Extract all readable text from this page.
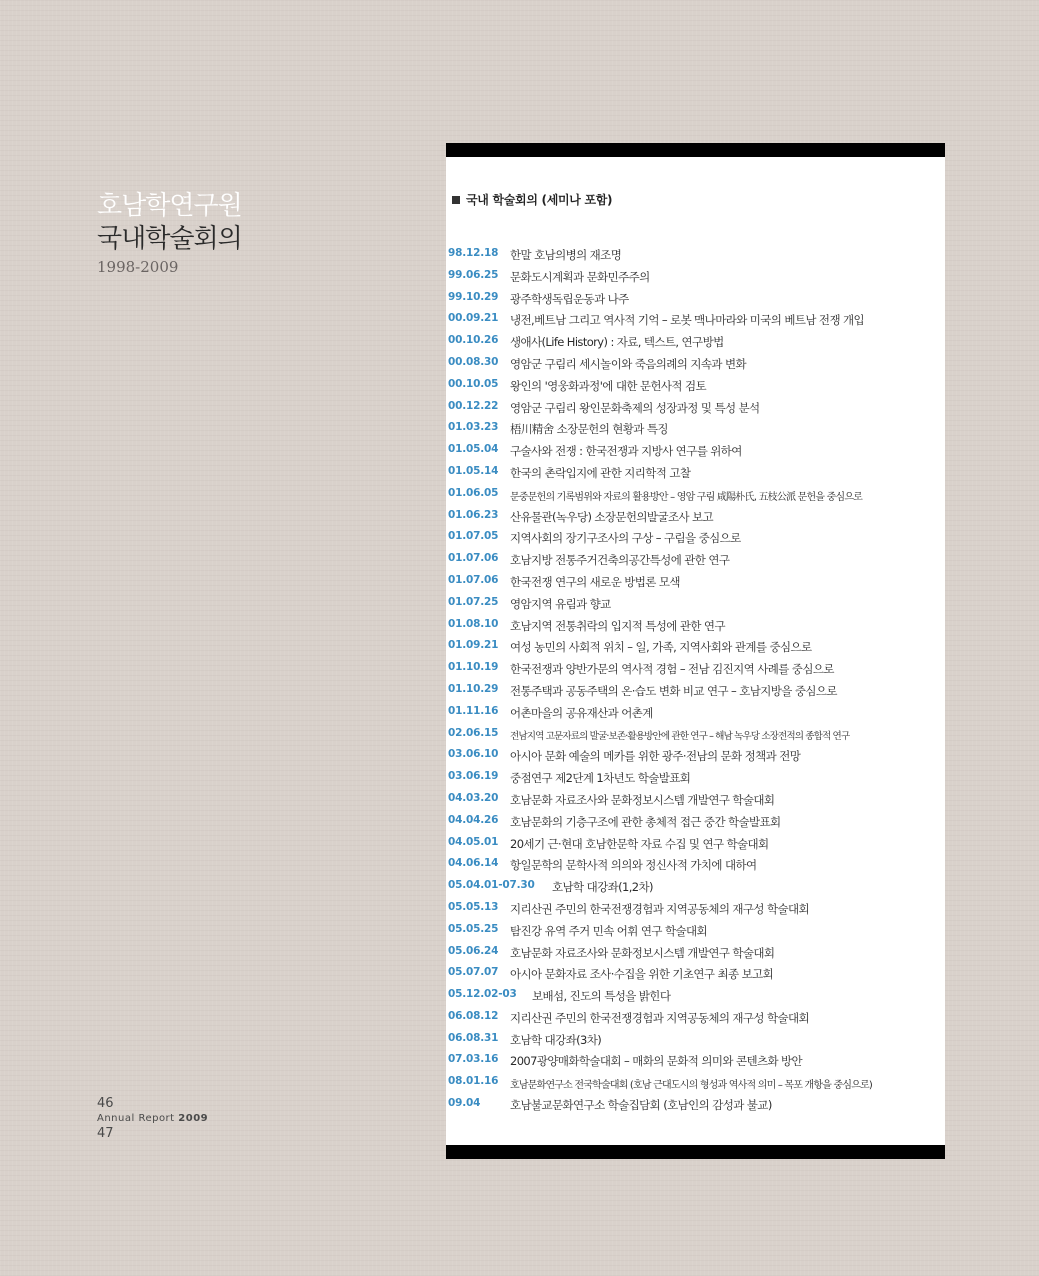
호남학연구원
국내학술회의
1998-2009
46
Annual Report 2009
47
국내 학술회의 (세미나 포함)
98.12.18 한말 호남의병의 재조명
99.06.25 문화도시계획과 문화민주주의
99.10.29 광주학생독립운동과 나주
00.09.21 냉전,베트남 그리고 역사적 기억 – 로봇 맥나마라와 미국의 베트남 전쟁 개입
00.10.26 생애사(Life History) : 자료, 텍스트, 연구방법
00.08.30 영암군 구림리 세시놀이와 죽음의례의 지속과 변화
00.10.05 왕인의 '영웅화과정'에 대한 문헌사적 검토
00.12.22 영암군 구림리 왕인문화축제의 성장과정 및 특성 분석
01.03.23 梧川精舍 소장문헌의 현황과 특징
01.05.04 구술사와 전쟁 : 한국전쟁과 지방사 연구를 위하여
01.05.14 한국의 촌락입지에 관한 지리학적 고찰
01.06.05 문중문헌의 기록범위와 자료의 활용방안 – 영암 구림 咸陽朴氏, 五枝公派 문헌을 중심으로
01.06.23 산유물관(녹우당) 소장문헌의발굴조사 보고
01.07.05 지역사회의 장기구조사의 구상 – 구림을 중심으로
01.07.06 호남지방 전통주거건축의공간특성에 관한 연구
01.07.06 한국전쟁 연구의 새로운 방법론 모색
01.07.25 영암지역 유림과 향교
01.08.10 호남지역 전통취락의 입지적 특성에 관한 연구
01.09.21 여성 농민의 사회적 위치 – 일, 가족, 지역사회와 관계를 중심으로
01.10.19 한국전쟁과 양반가문의 역사적 경험 – 전남 김진지역 사례를 중심으로
01.10.29 전통주택과 공동주택의 온·습도 변화 비교 연구 – 호남지방을 중심으로
01.11.16 어촌마을의 공유재산과 어촌계
02.06.15 전남지역 고문자료의 발굴·보존·활용방안에 관한 연구 – 해남 녹우당 소장전적의 종합적 연구
03.06.10 아시아 문화 예술의 메카를 위한 광주·전남의 문화 정책과 전망
03.06.19 중점연구 제2단계 1차년도 학술발표회
04.03.20 호남문화 자료조사와 문화정보시스템 개발연구 학술대회
04.04.26 호남문화의 기층구조에 관한 총체적 접근 중간 학술발표회
04.05.01 20세기 근·현대 호남한문학 자료 수집 및 연구 학술대회
04.06.14 항일문학의 문학사적 의의와 정신사적 가치에 대하여
05.04.01-07.30 호남학 대강좌(1,2차)
05.05.13 지리산권 주민의 한국전쟁경험과 지역공동체의 재구성 학술대회
05.05.25 탐진강 유역 주거 민속 어휘 연구 학술대회
05.06.24 호남문화 자료조사와 문화정보시스템 개발연구 학술대회
05.07.07 아시아 문화자료 조사·수집을 위한 기초연구 최종 보고회
05.12.02-03 보배섬, 진도의 특성을 밝힌다
06.08.12 지리산권 주민의 한국전쟁경험과 지역공동체의 재구성 학술대회
06.08.31 호남학 대강좌(3차)
07.03.16 2007광양매화학술대회 – 매화의 문화적 의미와 콘텐츠화 방안
08.01.16 호남문화연구소 전국학술대회 (호남 근대도시의 형성과 역사적 의미 – 목포 개항을 중심으로)
09.04	호남불교문화연구소 학술집담회 (호남인의 감성과 불교)
